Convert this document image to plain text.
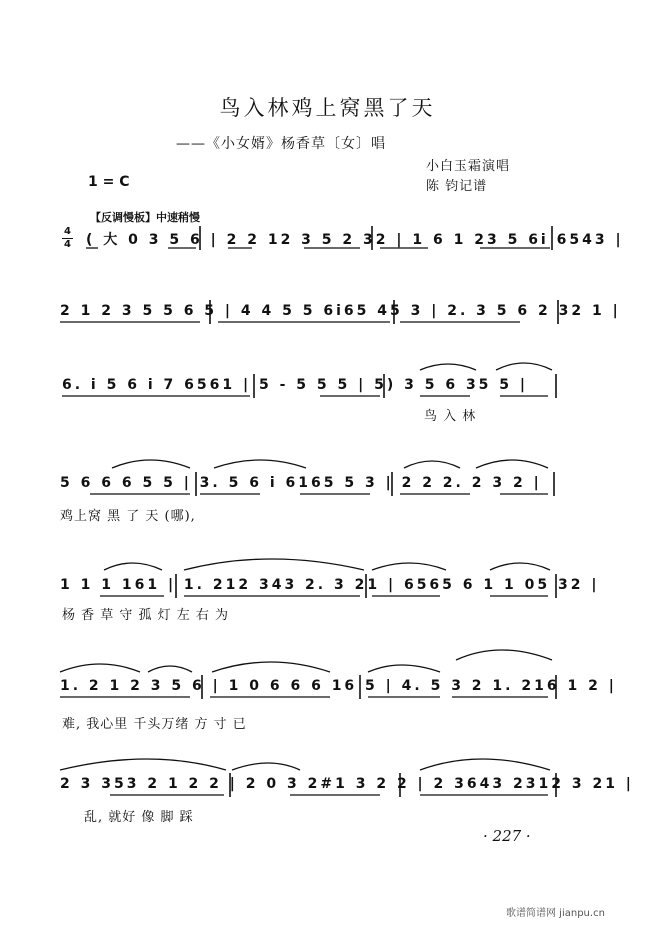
鸟入林鸡上窝黑了天
——《小女婿》杨香草〔女〕唱
1 = C
小白玉霜演唱
陈 钧记谱
【反调慢板】中速稍慢
4
4 ( 大 0 3 5 6 | 2 2 12 3 5 2 32 | 1 6 1 23 5 6i 6543 |
2 1 2 3 5 5 6 5 | 4 4 5 5 6i65 45 3 | 2. 3 5 6 2 32 1 |
6. i 5 6 i 7 6561 | 5 - 5 5 5 | 5) 3 5 6 35 5 |
鸟 入 林
5 6 6 6 5 5 | 3. 5 6 i 6165 5 3 | 2 2 2. 2 3 2 |
鸡上窝 黑 了 天 (哪),
1 1 1 161 | 1. 212 343 2. 3 21 | 6565 6 1 1 05 32 |
杨 香 草 守 孤 灯 左 右 为
1. 2 1 2 3 5 6 | 1 0 6 6 6 16 5 | 4. 5 3 2 1. 216 1 2 |
难, 我心里 千头万绪 方 寸 已
2 3 353 2 1 2 2 | 2 0 3 2#1 3 2 2 | 2 3643 2312 3 21 |
乱, 就好 像 脚 踩
· 227 ·
歌谱简谱网 jianpu.cn
